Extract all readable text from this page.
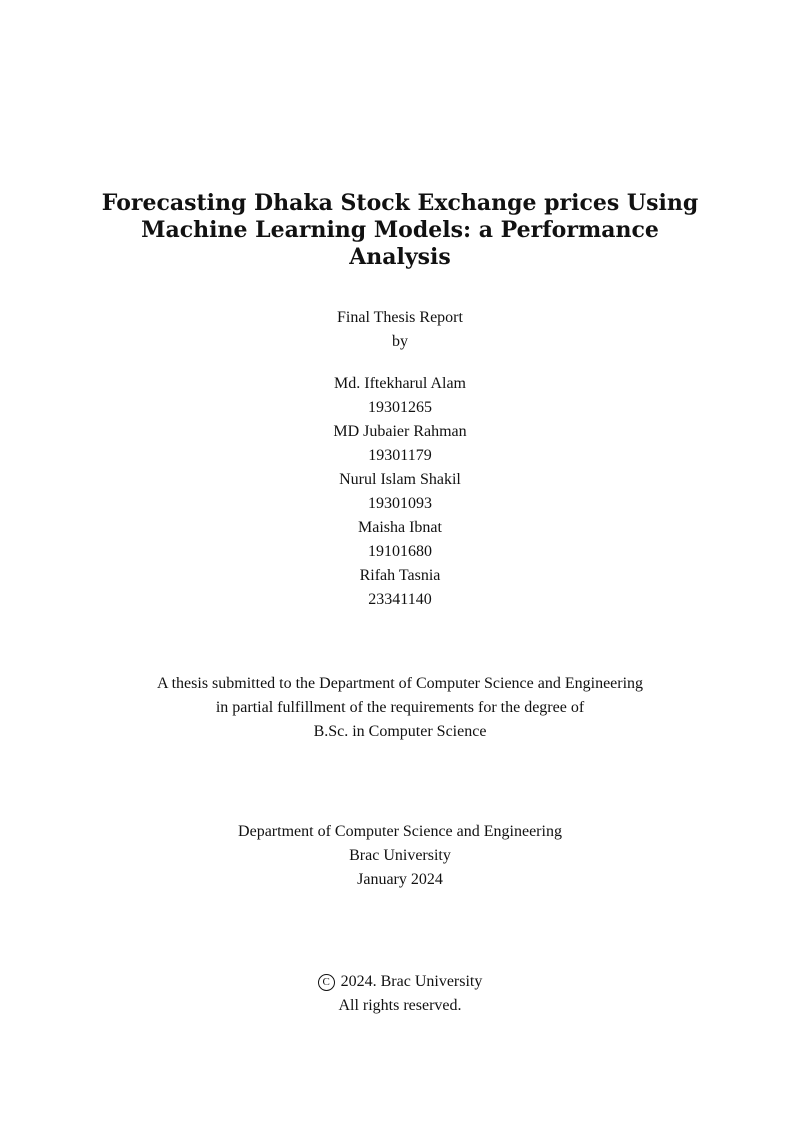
Forecasting Dhaka Stock Exchange prices Using
Machine Learning Models: a Performance
Analysis
Final Thesis Report
by
Md. Iftekharul Alam
19301265
MD Jubaier Rahman
19301179
Nurul Islam Shakil
19301093
Maisha Ibnat
19101680
Rifah Tasnia
23341140
A thesis submitted to the Department of Computer Science and Engineering
in partial fulfillment of the requirements for the degree of
B.Sc. in Computer Science
Department of Computer Science and Engineering
Brac University
January 2024
C 2024. Brac University
All rights reserved.
